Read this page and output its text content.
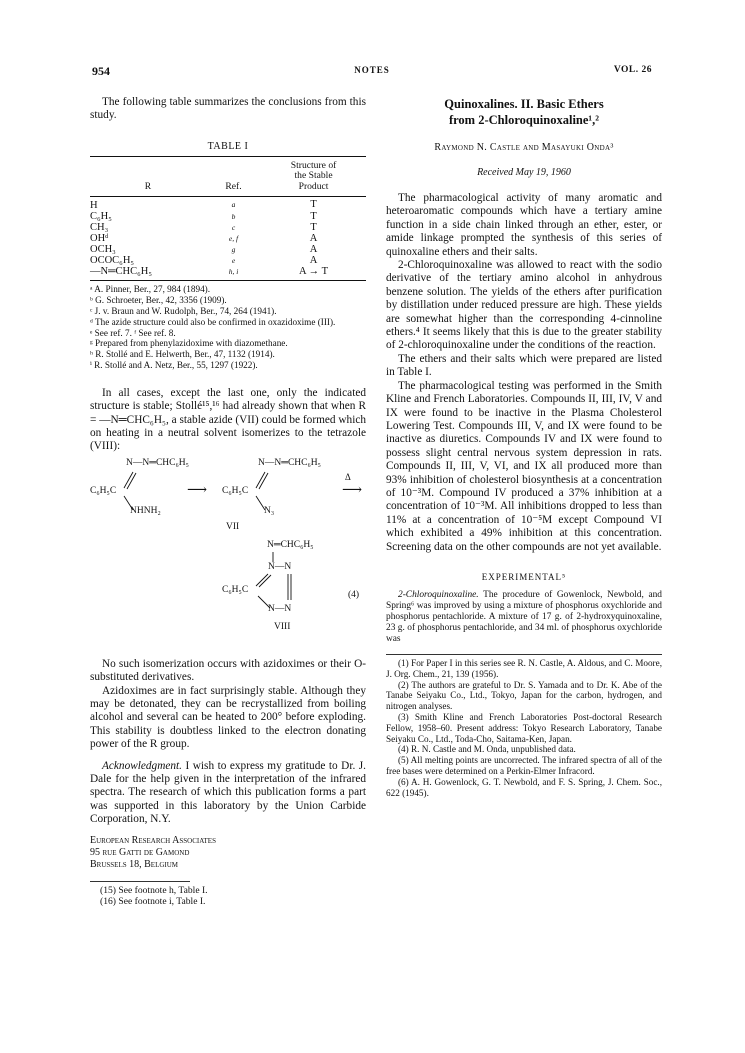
954	NOTES	VOL. 26

The following table summarizes the conclusions from this study.

TABLE I
R	Ref.	Structure of
the Stable
Product

H	a	T
C₆H₅	b	T
CH₃	c	T
OHᵈ	e, f	A
OCH₃	g	A
OCOC₆H₅	e	A
—N═CHC₆H₅	h, i	A → T

ᵃ A. Pinner, Ber., 27, 984 (1894).

ᵇ G. Schroeter, Ber., 42, 3356 (1909).

ᶜ J. v. Braun and W. Rudolph, Ber., 74, 264 (1941).

ᵈ The azide structure could also be confirmed in oxazidoxime (III).

ᵉ See ref. 7. ᶠ See ref. 8.

ᵍ Prepared from phenylazidoxime with diazomethane.

ʰ R. Stollé and E. Helwerth, Ber., 47, 1132 (1914).

ⁱ R. Stollé and A. Netz, Ber., 55, 1297 (1922).

In all cases, except the last one, only the indicated structure is stable; Stollé¹⁵,¹⁶ had already shown that when R = —N═CHC₆H₅, a stable azide (VII) could be formed which on heating in a neutral solvent isomerizes to the tetrazole (VIII):

N—N═CHC₆H₅
C₆H₅C
NHNH₂
⟶
N—N═CHC₆H₅
C₆H₅C
N₃
VII
Δ
⟶
N═CHC₆H₅
N—N
C₆H₅C
N—N
VIII
(4)

No such isomerization occurs with azidoximes or their O-substituted derivatives.

Azidoximes are in fact surprisingly stable. Although they may be detonated, they can be recrystallized from boiling alcohol and several can be heated to 200° before exploding. This stability is doubtless linked to the electron donating power of the R group.

Acknowledgment. I wish to express my gratitude to Dr. J. Dale for the help given in the interpretation of the infrared spectra. The research of which this publication forms a part was supported in this laboratory by the Union Carbide Corporation, N.Y.

European Research Associates
95 rue Gatti de Gamond
Brussels 18, Belgium

(15) See footnote h, Table I.

(16) See footnote i, Table I.

Quinoxalines. II. Basic Ethers
from 2-Chloroquinoxaline¹,²
Raymond N. Castle and Masayuki Onda³
Received May 19, 1960

The pharmacological activity of many aromatic and heteroaromatic compounds which have a tertiary amine function in a side chain linked through an ether, ester, or amide linkage prompted the synthesis of this series of quinoxaline ethers and their salts.

2-Chloroquinoxaline was allowed to react with the sodio derivative of the tertiary amino alcohol in anhydrous benzene solution. The yields of the ethers after purification by distillation under reduced pressure are high. These yields are somewhat higher than the corresponding 4-cinnoline ethers.⁴ It seems likely that this is due to the greater stability of 2-chloroquinoxaline under the conditions of the reaction.

The ethers and their salts which were prepared are listed in Table I.

The pharmacological testing was performed in the Smith Kline and French Laboratories. Compounds II, III, IV, V and IX were found to be inactive in the Plasma Cholesterol Lowering Test. Compounds III, V, and IX were found to be inactive as diuretics. Compounds IV and IX were found to possess slight central nervous system depression in rats. Compounds II, III, V, VI, and IX all produced more than 93% inhibition of cholesterol biosynthesis at a concentration of 10⁻³M. Compound IV produced a 37% inhibition at a concentration of 10⁻³M. All inhibitions dropped to less than 11% at a concentration of 10⁻⁵M except Compound VI which exhibited a 49% inhibition at this concentration. Screening data on the other compounds are not yet available.

EXPERIMENTAL⁵

2-Chloroquinoxaline. The procedure of Gowenlock, Newbold, and Spring⁶ was improved by using a mixture of phosphorus oxychloride and phosphorus pentachloride. A mixture of 17 g. of 2-hydroxyquinoxaline, 23 g. of phosphorus pentachloride, and 34 ml. of phosphorus oxychloride was

(1) For Paper I in this series see R. N. Castle, A. Aldous, and C. Moore, J. Org. Chem., 21, 139 (1956).

(2) The authors are grateful to Dr. S. Yamada and to Dr. K. Abe of the Tanabe Seiyaku Co., Ltd., Tokyo, Japan for the carbon, hydrogen, and nitrogen analyses.

(3) Smith Kline and French Laboratories Post-doctoral Research Fellow, 1958–60. Present address: Tokyo Research Laboratory, Tanabe Seiyaku Co., Ltd., Toda-Cho, Saitama-Ken, Japan.

(4) R. N. Castle and M. Onda, unpublished data.

(5) All melting points are uncorrected. The infrared spectra of all of the free bases were determined on a Perkin-Elmer Infracord.

(6) A. H. Gowenlock, G. T. Newbold, and F. S. Spring, J. Chem. Soc., 622 (1945).
